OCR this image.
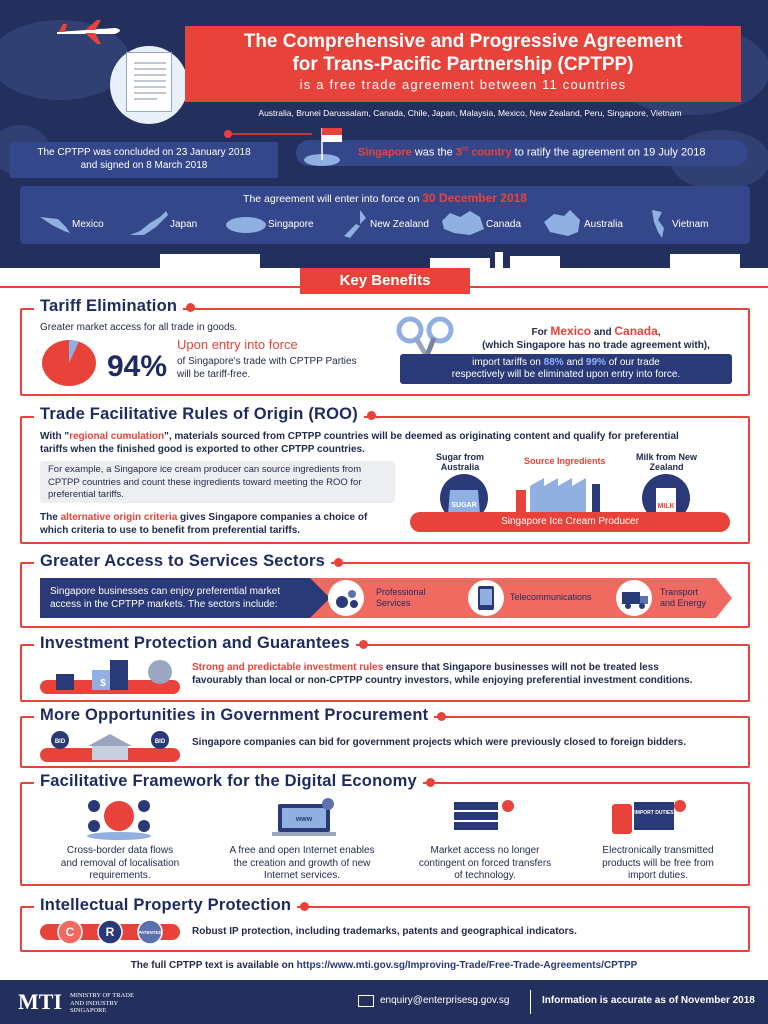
The Comprehensive and Progressive Agreement
for Trans-Pacific Partnership (CPTPP)
is a free trade agreement between 11 countries
Australia, Brunei Darussalam, Canada, Chile, Japan, Malaysia, Mexico, New Zealand, Peru, Singapore, Vietnam
The CPTPP was concluded on 23 January 2018
and signed on 8 March 2018
Singapore was the 3rd country to ratify the agreement on 19 July 2018
The agreement will enter into force on 30 December 2018
Mexico	Japan	Singapore	New Zealand	Canada	Australia	Vietnam
Key Benefits
Tariff Elimination
Greater market access for all trade in goods.
94%
Upon entry into force
of Singapore's trade with CPTPP Parties
will be tariff-free.
For Mexico and Canada,
(which Singapore has no trade agreement with),
import tariffs on 88% and 99% of our trade
respectively will be eliminated upon entry into force.
Trade Facilitative Rules of Origin (ROO)
With "regional cumulation", materials sourced from CPTPP countries will be deemed as originating content and qualify for preferential
tariffs when the finished good is exported to other CPTPP countries.
For example, a Singapore ice cream producer can source ingredients from CPTPP countries and count these ingredients toward meeting the ROO for preferential tariffs.
The alternative origin criteria gives Singapore companies a choice of
which criteria to use to benefit from preferential tariffs.
Sugar from
Australia
Source Ingredients	Milk from New
Zealand
SUGAR	MILK
Singapore Ice Cream Producer
Greater Access to Services Sectors
Singapore businesses can enjoy preferential market
access in the CPTPP markets. The sectors include:
Professional
Services
Telecommunications	Transport
and Energy
Investment Protection and Guarantees
$
Strong and predictable investment rules ensure that Singapore businesses will not be treated less
favourably than local or non-CPTPP country investors, while enjoying preferential investment conditions.
More Opportunities in Government Procurement
BID	BID	Singapore companies can bid for government projects which were previously closed to foreign bidders.
Facilitative Framework for the Digital Economy
www
IMPORT DUTIES
Cross-border data flows
and removal of localisation
requirements.
A free and open Internet enables
the creation and growth of new
Internet services.
Market access no longer
contingent on forced transfers
of technology.
Electronically transmitted
products will be free from
import duties.
Intellectual Property Protection
C	R	PATENTED	Robust IP protection, including trademarks, patents and geographical indicators.
The full CPTPP text is available on https://www.mti.gov.sg/Improving-Trade/Free-Trade-Agreements/CPTPP
MTI MINISTRY OF TRADE
AND INDUSTRY
SINGAPORE
enquiry@enterprisesg.gov.sg	Information is accurate as of November 2018
